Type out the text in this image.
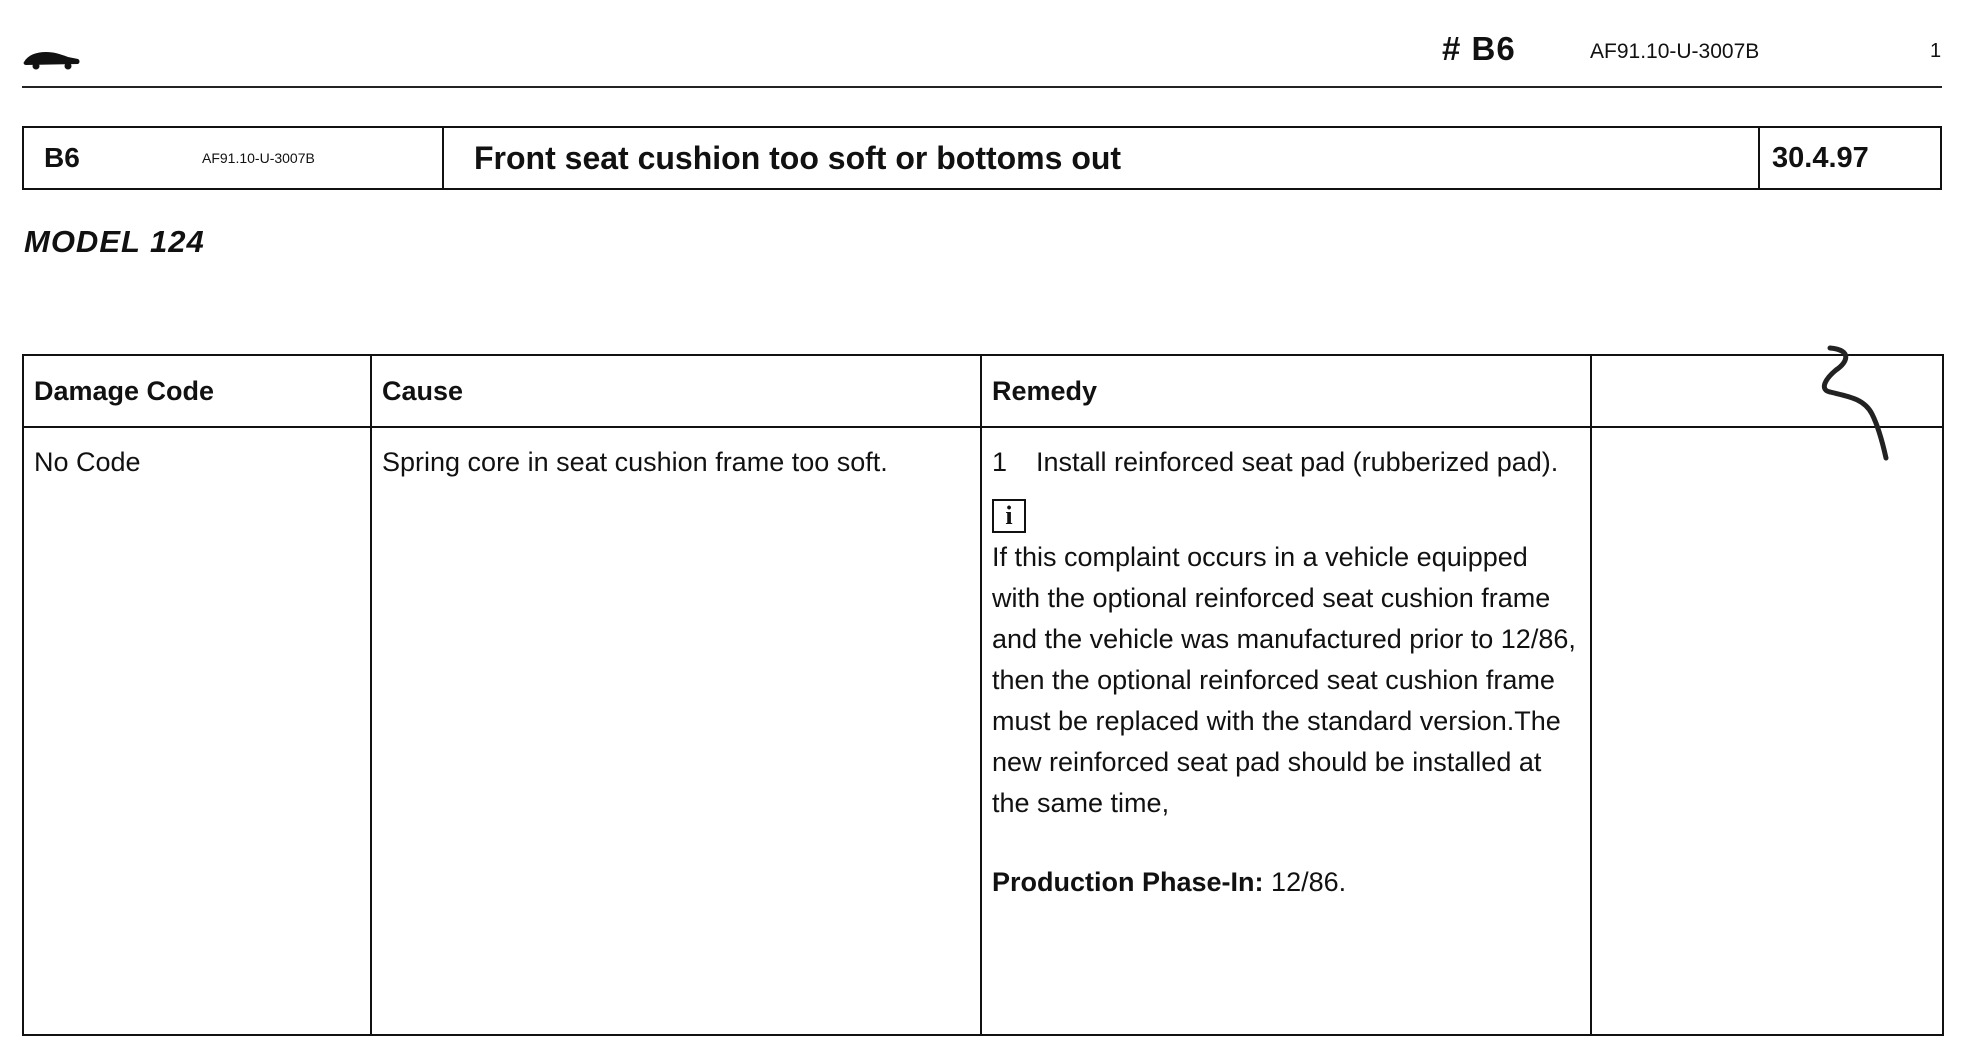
# B6	AF91.10-U-3007B	1
B6	AF91.10-U-3007B	Front seat cushion too soft or bottoms out	30.4.97
MODEL 124
Damage Code	Cause	Remedy	
No Code	Spring core in seat cushion frame too soft.	1 Install reinforced seat pad (rubberized pad).
i

If this complaint occurs in a vehicle equipped with the optional reinforced seat cushion frame and the vehicle was manufactured prior to 12/86, then the optional reinforced seat cushion frame must be replaced with the standard version.The new reinforced seat pad should be installed at the same time,

Production Phase-In: 12/86.	
